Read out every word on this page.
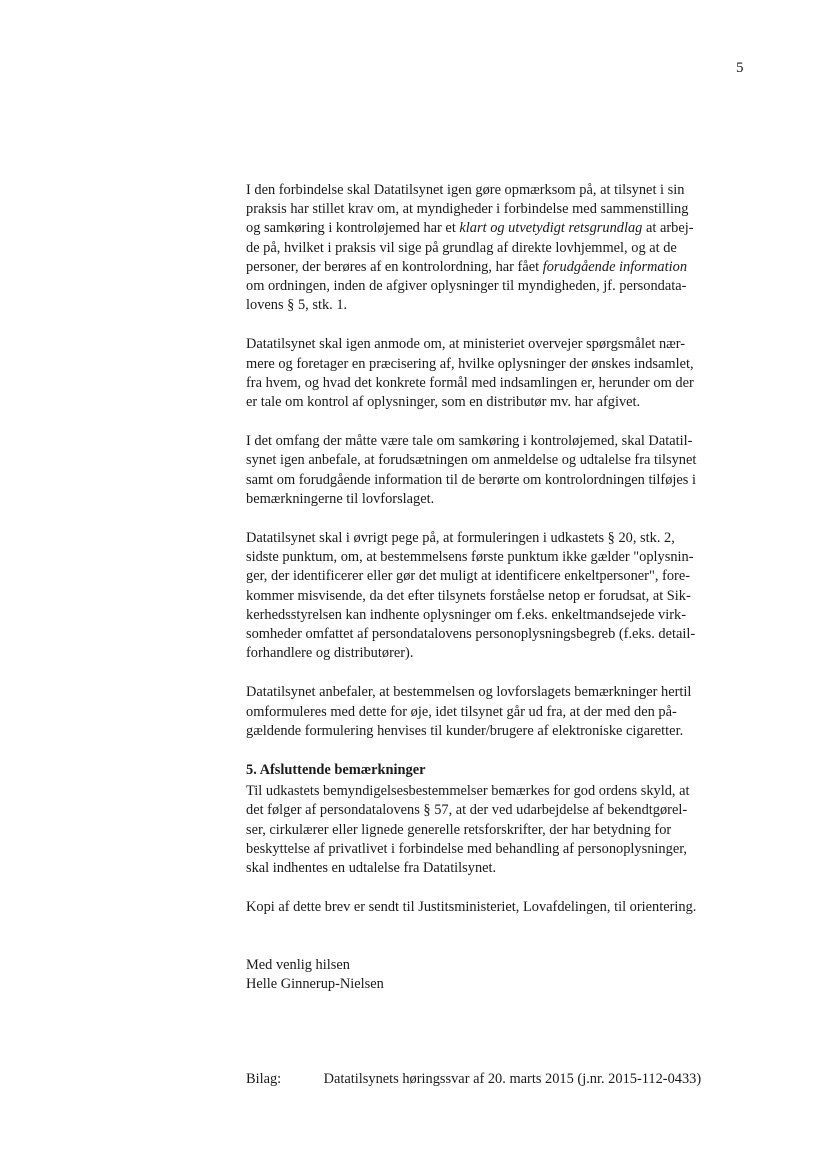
5

I den forbindelse skal Datatilsynet igen gøre opmærksom på, at tilsynet i sin
praksis har stillet krav om, at myndigheder i forbindelse med sammenstilling
og samkøring i kontroløjemed har et klart og utvetydigt retsgrundlag at arbej-
de på, hvilket i praksis vil sige på grundlag af direkte lovhjemmel, og at de
personer, der berøres af en kontrolordning, har fået forudgående information
om ordningen, inden de afgiver oplysninger til myndigheden, jf. persondata-
lovens § 5, stk. 1.

Datatilsynet skal igen anmode om, at ministeriet overvejer spørgsmålet nær-
mere og foretager en præcisering af, hvilke oplysninger der ønskes indsamlet,
fra hvem, og hvad det konkrete formål med indsamlingen er, herunder om der
er tale om kontrol af oplysninger, som en distributør mv. har afgivet.

I det omfang der måtte være tale om samkøring i kontroløjemed, skal Datatil-
synet igen anbefale, at forudsætningen om anmeldelse og udtalelse fra tilsynet
samt om forudgående information til de berørte om kontrolordningen tilføjes i
bemærkningerne til lovforslaget.

Datatilsynet skal i øvrigt pege på, at formuleringen i udkastets § 20, stk. 2,
sidste punktum, om, at bestemmelsens første punktum ikke gælder "oplysnin-
ger, der identificerer eller gør det muligt at identificere enkeltpersoner", fore-
kommer misvisende, da det efter tilsynets forståelse netop er forudsat, at Sik-
kerhedsstyrelsen kan indhente oplysninger om f.eks. enkeltmandsejede virk-
somheder omfattet af persondatalovens personoplysningsbegreb (f.eks. detail-
forhandlere og distributører).

Datatilsynet anbefaler, at bestemmelsen og lovforslagets bemærkninger hertil
omformuleres med dette for øje, idet tilsynet går ud fra, at der med den på-
gældende formulering henvises til kunder/brugere af elektroniske cigaretter.

5. Afsluttende bemærkninger

Til udkastets bemyndigelsesbestemmelser bemærkes for god ordens skyld, at
det følger af persondatalovens § 57, at der ved udarbejdelse af bekendtgørel-
ser, cirkulærer eller lignede generelle retsforskrifter, der har betydning for
beskyttelse af privatlivet i forbindelse med behandling af personoplysninger,
skal indhentes en udtalelse fra Datatilsynet.

Kopi af dette brev er sendt til Justitsministeriet, Lovafdelingen, til orientering.

Med venlig hilsen
Helle Ginnerup-Nielsen
Bilag:	Datatilsynets høringssvar af 20. marts 2015 (j.nr. 2015-112-0433)
